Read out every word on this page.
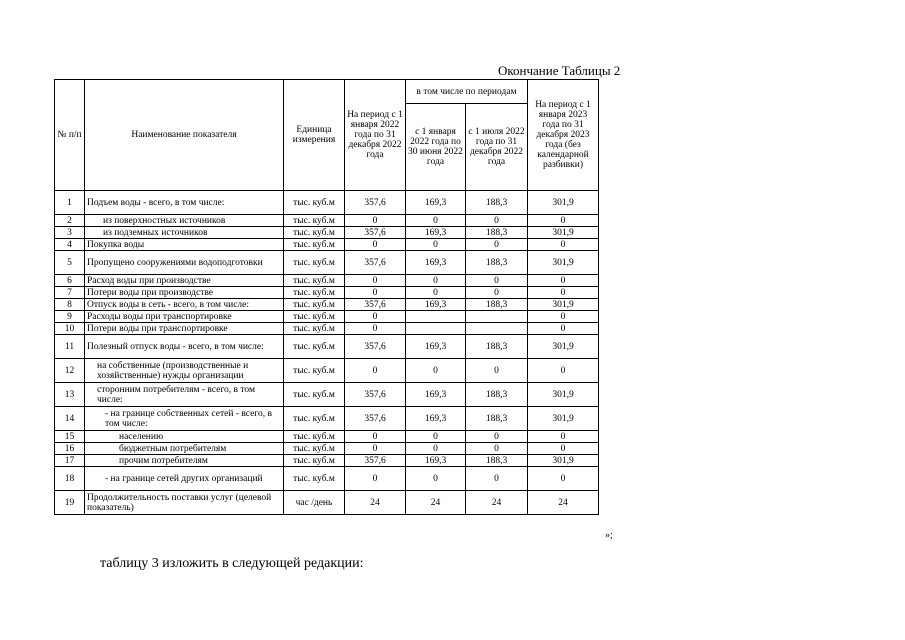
Окончание Таблицы 2
№ п/п	Наименование показателя	Единица измерения	На период с 1 января 2022 года по 31 декабря 2022 года	в том числе по периодам		На период с 1 января 2023 года по 31 декабря 2023 года (без календарной разбивки)
				с 1 января 2022 года по 30 июня 2022 года	с 1 июля 2022 года по 31 декабря 2022 года	
1	Подъем воды - всего, в том числе:	тыс. куб.м	357,6	169,3	188,3	301,9
2	из поверхностных источников	тыс. куб.м	0	0	0	0
3	из подземных источников	тыс. куб.м	357,6	169,3	188,3	301,9
4	Покупка воды	тыс. куб.м	0	0	0	0
5	Пропущено сооружениями водоподготовки	тыс. куб.м	357,6	169,3	188,3	301,9
6	Расход воды при производстве	тыс. куб.м	0	0	0	0
7	Потери воды при производстве	тыс. куб.м	0	0	0	0
8	Отпуск воды в сеть - всего, в том числе:	тыс. куб.м	357,6	169,3	188,3	301,9
9	Расходы воды при транспортировке	тыс. куб.м	0			0
10	Потери воды при транспортировке	тыс. куб.м	0			0
11	Полезный отпуск воды - всего, в том числе:	тыс. куб.м	357,6	169,3	188,3	301,9
12	на собственные (производственные и хозяйственные) нужды организации	тыс. куб.м	0	0	0	0
13	сторонним потребителям - всего, в том числе:	тыс. куб.м	357,6	169,3	188,3	301,9
14	- на границе собственных сетей - всего, в том числе:	тыс. куб.м	357,6	169,3	188,3	301,9
15	населению	тыс. куб.м	0	0	0	0
16	бюджетным потребителям	тыс. куб.м	0	0	0	0
17	прочим потребителям	тыс. куб.м	357,6	169,3	188,3	301,9
18	- на границе сетей других организаций	тыс. куб.м	0	0	0	0
19	Продолжительность поставки услуг (целевой показатель)	час /день	24	24	24	24
»;
таблицу 3 изложить в следующей редакции:
